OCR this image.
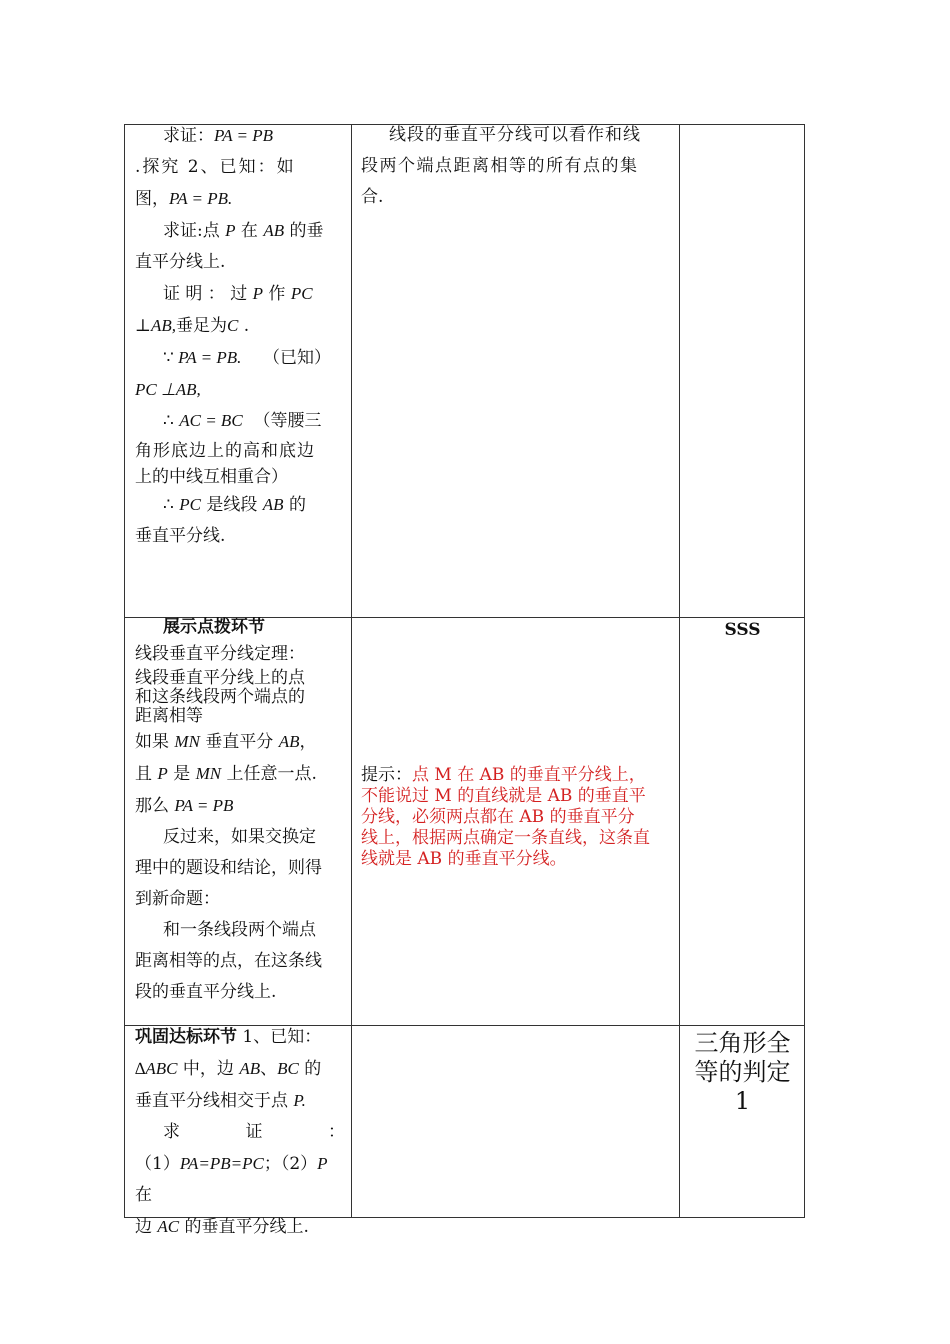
求证：PA = PB

.探究 2、已知：如

图，PA = PB.

求证:点 P 在 AB 的垂

直平分线上.

证 明 ： 过 P 作 PC

⊥AB,垂足为C .

∵ PA = PB. （已知）

PC ⊥AB,

∴ AC = BC （等腰三

角形底边上的高和底边

上的中线互相重合）

∴ PC 是线段 AB 的

垂直平分线.

线段的垂直平分线可以看作和线

段两个端点距离相等的所有点的集

合.

展示点拨环节

线段垂直平分线定理：

线段垂直平分线上的点

和这条线段两个端点的

距离相等

如果 MN 垂直平分 AB，

且 P 是 MN 上任意一点.

那么 PA = PB

反过来，如果交换定

理中的题设和结论，则得

到新命题：

和一条线段两个端点

距离相等的点，在这条线

段的垂直平分线上.

提示：点 M 在 AB 的垂直平分线上，

不能说过 M 的直线就是 AB 的垂直平

分线，必须两点都在 AB 的垂直平分

线上，根据两点确定一条直线，这条直

线就是 AB 的垂直平分线。

SSS

巩固达标环节 1、已知：

∆ABC 中，边 AB、BC 的

垂直平分线相交于点 P.

求	证	：

（1）PA=PB=PC；（2）P 在

边 AC 的垂直平分线上.

三角形全

等的判定

1
